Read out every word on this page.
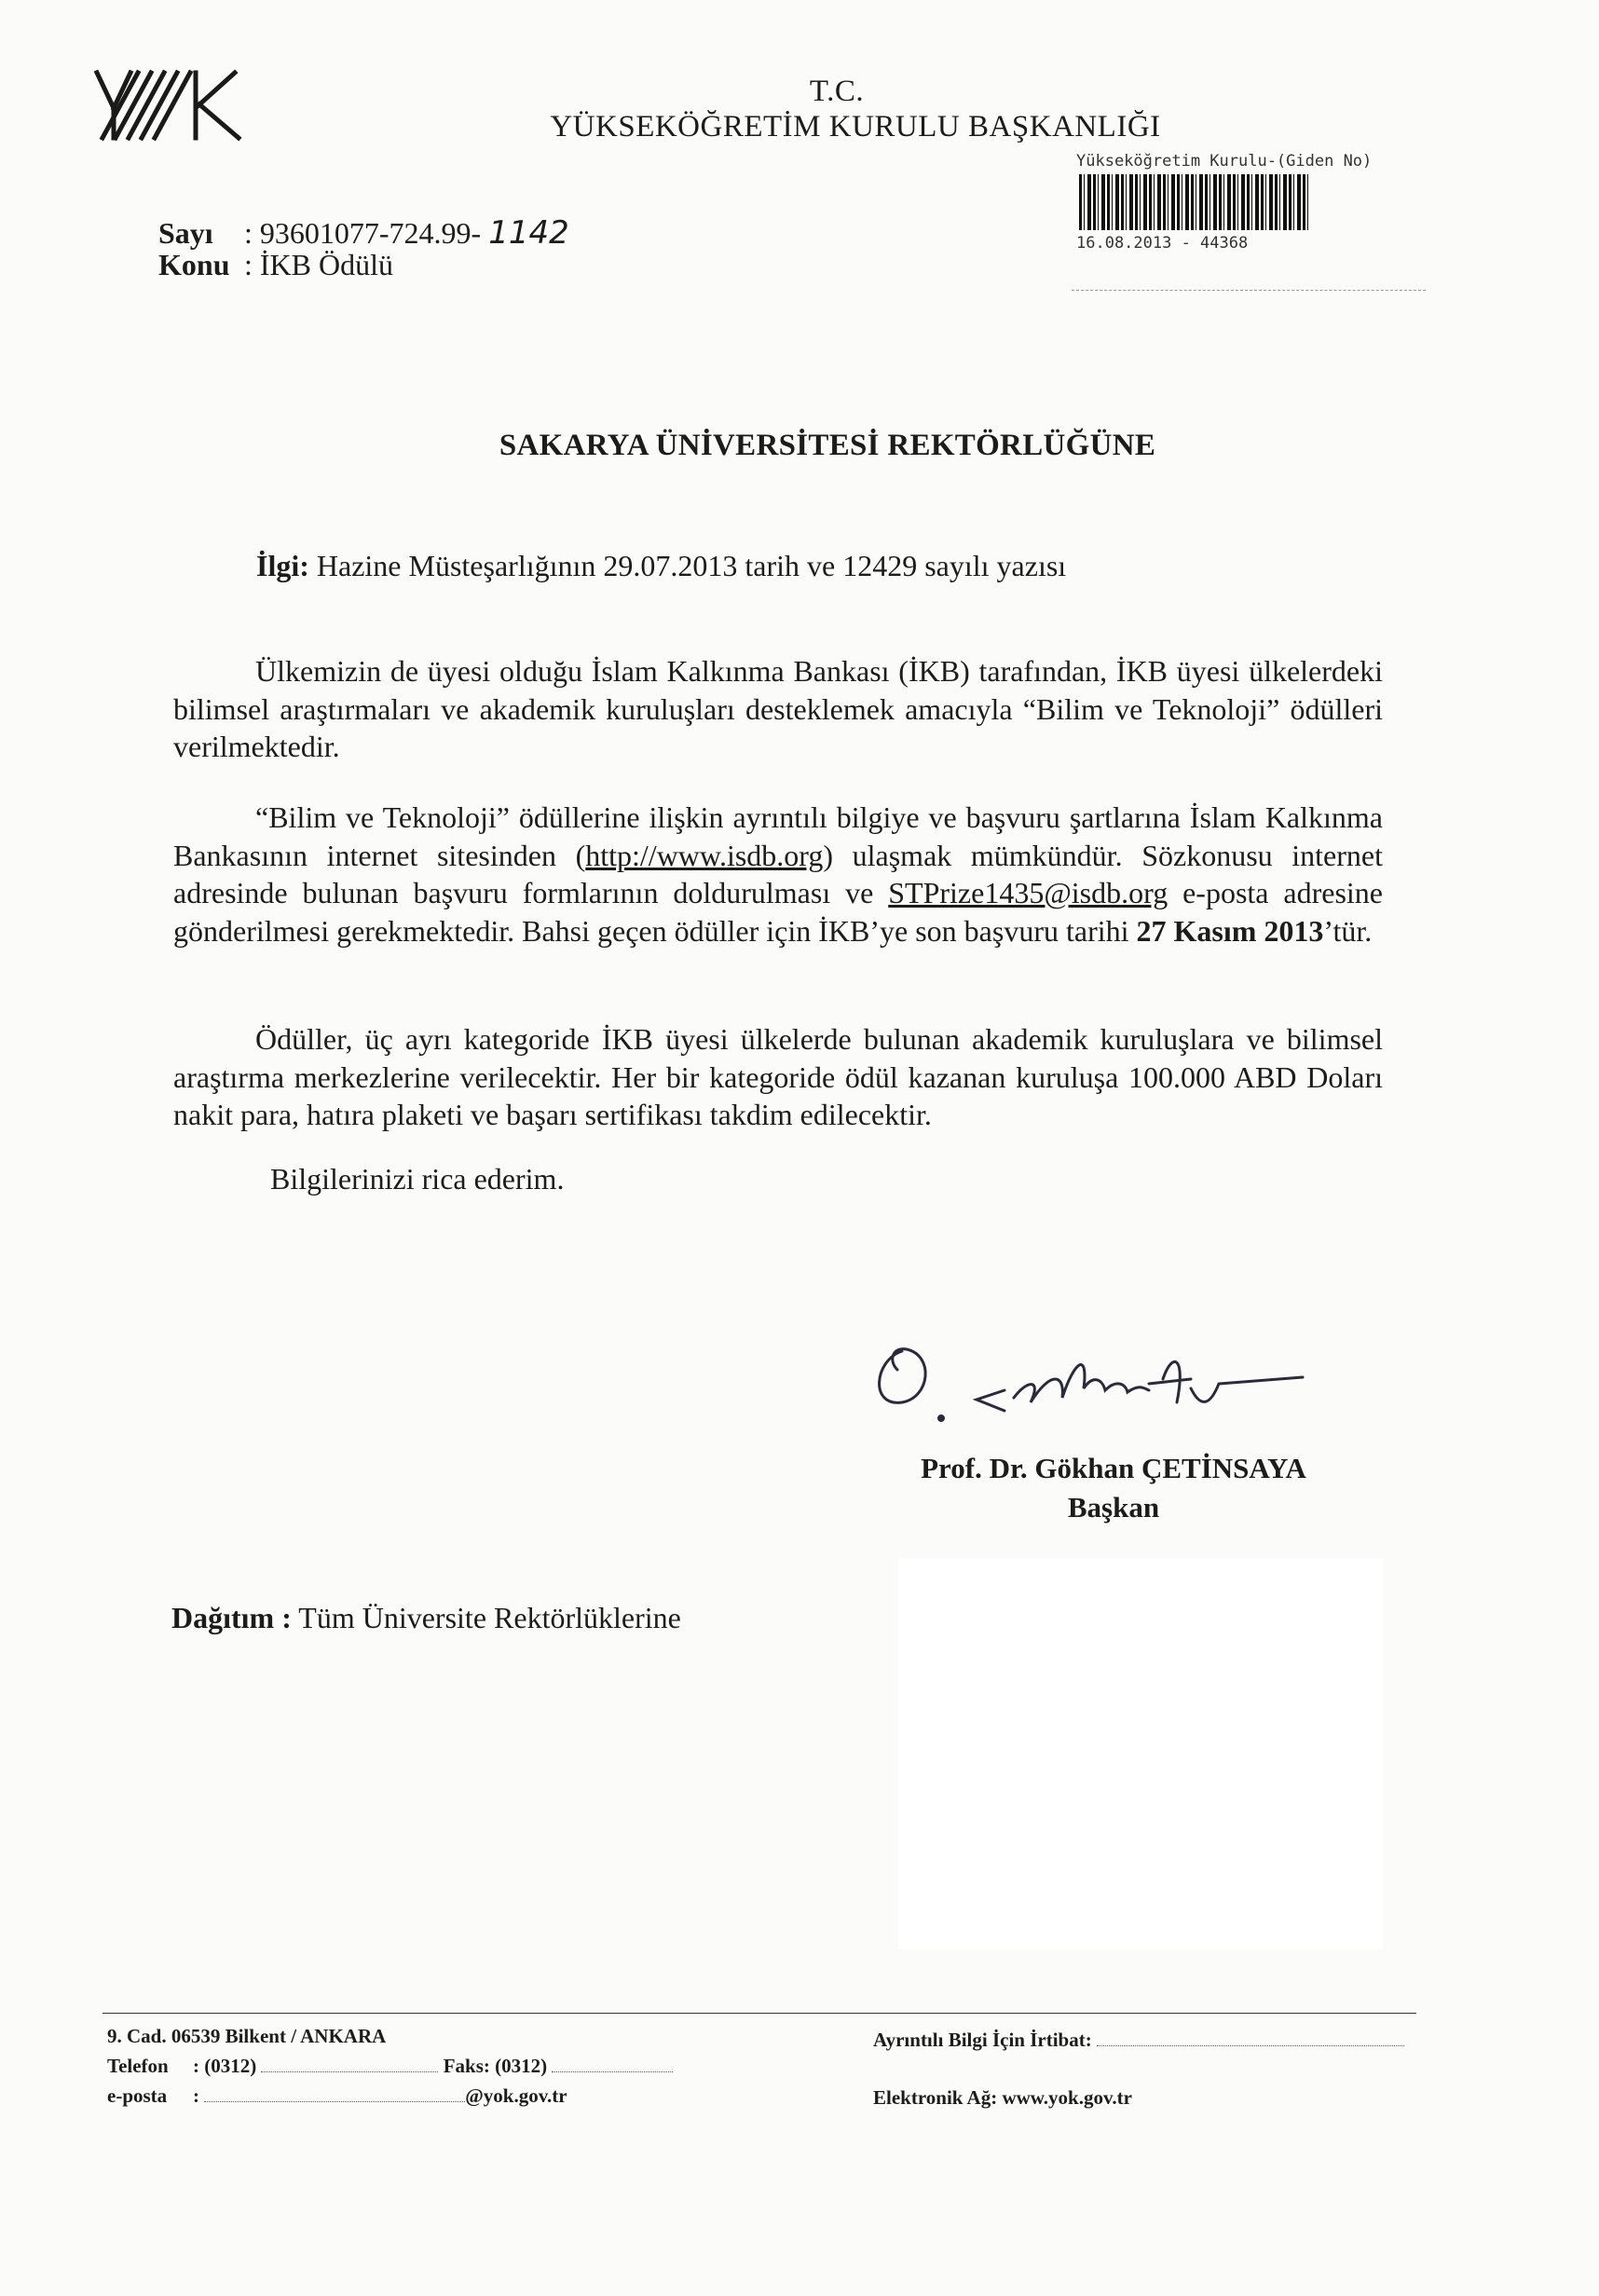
T.C.
YÜKSEKÖĞRETİM KURULU BAŞKANLIĞI
Sayı : 93601077-724.99- 1142
Konu : İKB Ödülü
Yükseköğretim Kurulu-(Giden No)
16.08.2013 - 44368
SAKARYA ÜNİVERSİTESİ REKTÖRLÜĞÜNE
İlgi: Hazine Müsteşarlığının 29.07.2013 tarih ve 12429 sayılı yazısı
Ülkemizin de üyesi olduğu İslam Kalkınma Bankası (İKB) tarafından, İKB üyesi ülkelerdeki bilimsel araştırmaları ve akademik kuruluşları desteklemek amacıyla “Bilim ve Teknoloji” ödülleri verilmektedir.
“Bilim ve Teknoloji” ödüllerine ilişkin ayrıntılı bilgiye ve başvuru şartlarına İslam Kalkınma Bankasının internet sitesinden (http://www.isdb.org) ulaşmak mümkündür. Sözkonusu internet adresinde bulunan başvuru formlarının doldurulması ve STPrize1435@isdb.org e-posta adresine gönderilmesi gerekmektedir. Bahsi geçen ödüller için İKB’ye son başvuru tarihi 27 Kasım 2013’tür.
Ödüller, üç ayrı kategoride İKB üyesi ülkelerde bulunan akademik kuruluşlara ve bilimsel araştırma merkezlerine verilecektir. Her bir kategoride ödül kazanan kuruluşa 100.000 ABD Doları nakit para, hatıra plaketi ve başarı sertifikası takdim edilecektir.
Bilgilerinizi rica ederim.
Prof. Dr. Gökhan ÇETİNSAYA
Başkan
Dağıtım : Tüm Üniversite Rektörlüklerine
9. Cad. 06539 Bilkent / ANKARA
Telefon : (0312)	Faks: (0312)
e-posta :	@yok.gov.tr
Ayrıntılı Bilgi İçin İrtibat:
Elektronik Ağ: www.yok.gov.tr
